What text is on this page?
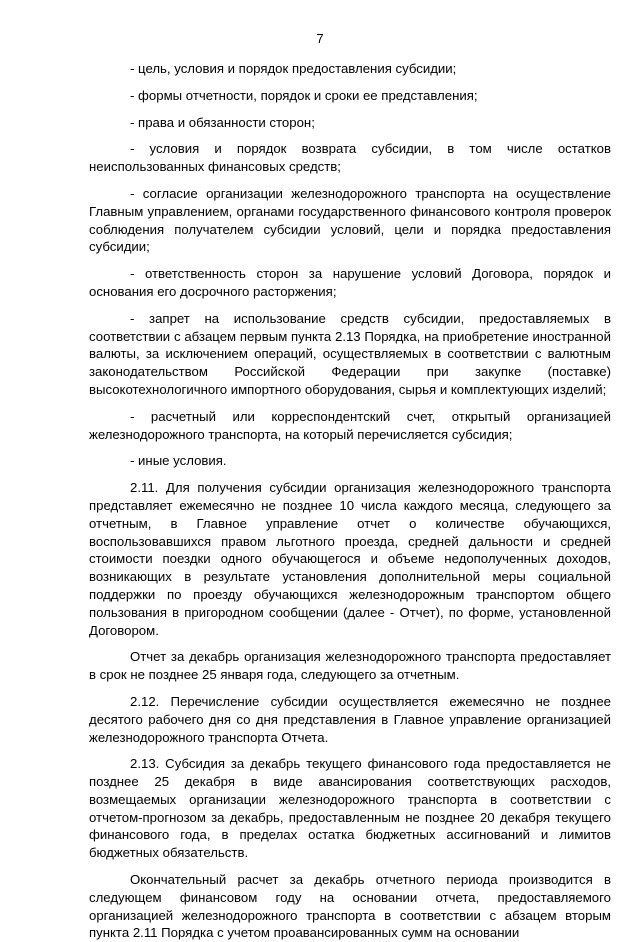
7

- цель, условия и порядок предоставления субсидии;

- формы отчетности, порядок и сроки ее представления;

- права и обязанности сторон;

- условия и порядок возврата субсидии, в том числе остатков неиспользованных финансовых средств;

- согласие организации железнодорожного транспорта на осуществление Главным управлением, органами государственного финансового контроля проверок соблюдения получателем субсидии условий, цели и порядка предоставления субсидии;

- ответственность сторон за нарушение условий Договора, порядок и основания его досрочного расторжения;

- запрет на использование средств субсидии, предоставляемых в соответствии с абзацем первым пункта 2.13 Порядка, на приобретение иностранной валюты, за исключением операций, осуществляемых в соответствии с валютным законодательством Российской Федерации при закупке (поставке) высокотехнологичного импортного оборудования, сырья и комплектующих изделий;

- расчетный или корреспондентский счет, открытый организацией железнодорожного транспорта, на который перечисляется субсидия;

- иные условия.

2.11. Для получения субсидии организация железнодорожного транспорта представляет ежемесячно не позднее 10 числа каждого месяца, следующего за отчетным, в Главное управление отчет о количестве обучающихся, воспользовавшихся правом льготного проезда, средней дальности и средней стоимости поездки одного обучающегося и объеме недополученных доходов, возникающих в результате установления дополнительной меры социальной поддержки по проезду обучающихся железнодорожным транспортом общего пользования в пригородном сообщении (далее - Отчет), по форме, установленной Договором.

Отчет за декабрь организация железнодорожного транспорта предоставляет в срок не позднее 25 января года, следующего за отчетным.

2.12. Перечисление субсидии осуществляется ежемесячно не позднее десятого рабочего дня со дня представления в Главное управление организацией железнодорожного транспорта Отчета.

2.13. Субсидия за декабрь текущего финансового года предоставляется не позднее 25 декабря в виде авансирования соответствующих расходов, возмещаемых организации железнодорожного транспорта в соответствии с отчетом-прогнозом за декабрь, предоставленным не позднее 20 декабря текущего финансового года, в пределах остатка бюджетных ассигнований и лимитов бюджетных обязательств.

Окончательный расчет за декабрь отчетного периода производится в следующем финансовом году на основании отчета, предоставляемого организацией железнодорожного транспорта в соответствии с абзацем вторым пункта 2.11 Порядка с учетом проавансированных сумм на основании
